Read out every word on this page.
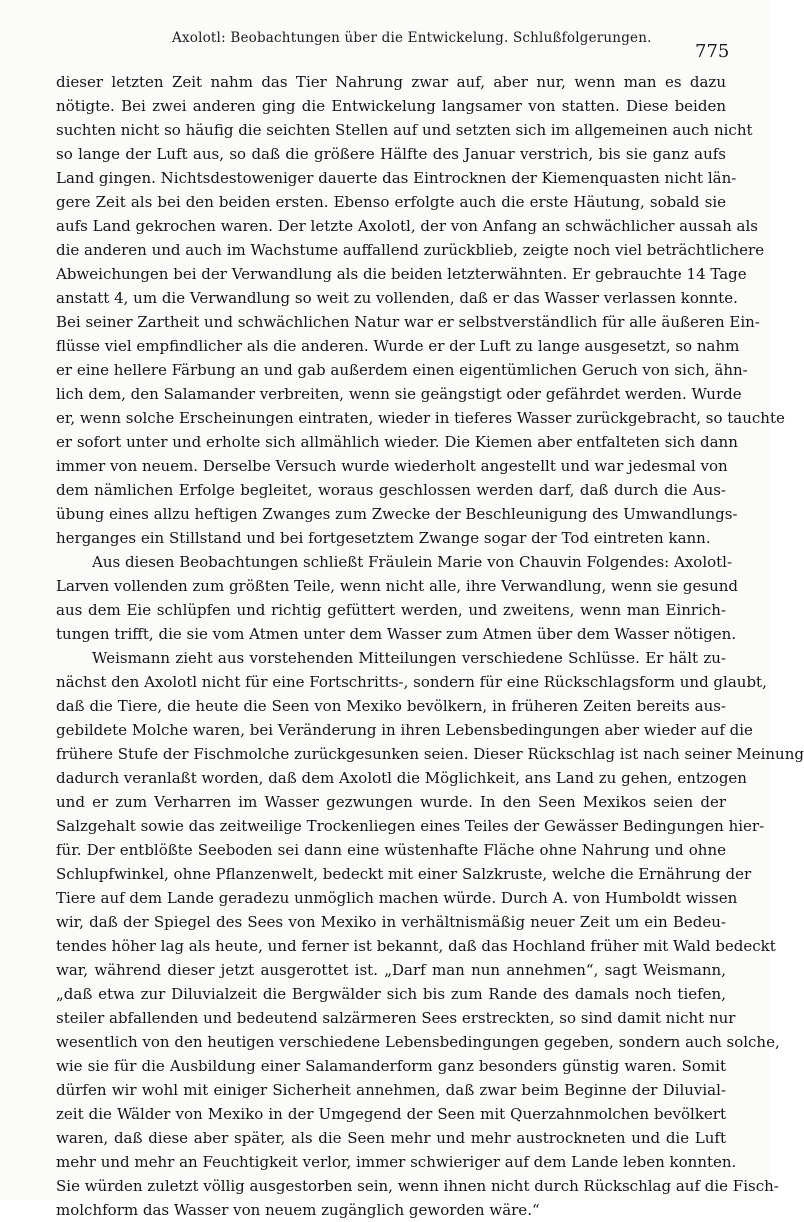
Axolotl: Beobachtungen über die Entwickelung. Schlußfolgerungen.
775
dieser letzten Zeit nahm das Tier Nahrung zwar auf, aber nur, wenn man es dazu
nötigte. Bei zwei anderen ging die Entwickelung langsamer von statten. Diese beiden
suchten nicht so häufig die seichten Stellen auf und setzten sich im allgemeinen auch nicht
so lange der Luft aus, so daß die größere Hälfte des Januar verstrich, bis sie ganz aufs
Land gingen. Nichtsdestoweniger dauerte das Eintrocknen der Kiemenquasten nicht län-
gere Zeit als bei den beiden ersten. Ebenso erfolgte auch die erste Häutung, sobald sie
aufs Land gekrochen waren. Der letzte Axolotl, der von Anfang an schwächlicher aussah als
die anderen und auch im Wachstume auffallend zurückblieb, zeigte noch viel beträchtlichere
Abweichungen bei der Verwandlung als die beiden letzterwähnten. Er gebrauchte 14 Tage
anstatt 4, um die Verwandlung so weit zu vollenden, daß er das Wasser verlassen konnte.
Bei seiner Zartheit und schwächlichen Natur war er selbstverständlich für alle äußeren Ein-
flüsse viel empfindlicher als die anderen. Wurde er der Luft zu lange ausgesetzt, so nahm
er eine hellere Färbung an und gab außerdem einen eigentümlichen Geruch von sich, ähn-
lich dem, den Salamander verbreiten, wenn sie geängstigt oder gefährdet werden. Wurde
er, wenn solche Erscheinungen eintraten, wieder in tieferes Wasser zurückgebracht, so tauchte
er sofort unter und erholte sich allmählich wieder. Die Kiemen aber entfalteten sich dann
immer von neuem. Derselbe Versuch wurde wiederholt angestellt und war jedesmal von
dem nämlichen Erfolge begleitet, woraus geschlossen werden darf, daß durch die Aus-
übung eines allzu heftigen Zwanges zum Zwecke der Beschleunigung des Umwandlungs-
herganges ein Stillstand und bei fortgesetztem Zwange sogar der Tod eintreten kann.
Aus diesen Beobachtungen schließt Fräulein Marie von Chauvin Folgendes: Axolotl-
Larven vollenden zum größten Teile, wenn nicht alle, ihre Verwandlung, wenn sie gesund
aus dem Eie schlüpfen und richtig gefüttert werden, und zweitens, wenn man Einrich-
tungen trifft, die sie vom Atmen unter dem Wasser zum Atmen über dem Wasser nötigen.
Weismann zieht aus vorstehenden Mitteilungen verschiedene Schlüsse. Er hält zu-
nächst den Axolotl nicht für eine Fortschritts-, sondern für eine Rückschlagsform und glaubt,
daß die Tiere, die heute die Seen von Mexiko bevölkern, in früheren Zeiten bereits aus-
gebildete Molche waren, bei Veränderung in ihren Lebensbedingungen aber wieder auf die
frühere Stufe der Fischmolche zurückgesunken seien. Dieser Rückschlag ist nach seiner Meinung
dadurch veranlaßt worden, daß dem Axolotl die Möglichkeit, ans Land zu gehen, entzogen
und er zum Verharren im Wasser gezwungen wurde. In den Seen Mexikos seien der
Salzgehalt sowie das zeitweilige Trockenliegen eines Teiles der Gewässer Bedingungen hier-
für. Der entblößte Seeboden sei dann eine wüstenhafte Fläche ohne Nahrung und ohne
Schlupfwinkel, ohne Pflanzenwelt, bedeckt mit einer Salzkruste, welche die Ernährung der
Tiere auf dem Lande geradezu unmöglich machen würde. Durch A. von Humboldt wissen
wir, daß der Spiegel des Sees von Mexiko in verhältnismäßig neuer Zeit um ein Bedeu-
tendes höher lag als heute, und ferner ist bekannt, daß das Hochland früher mit Wald bedeckt
war, während dieser jetzt ausgerottet ist. „Darf man nun annehmen“, sagt Weismann,
„daß etwa zur Diluvialzeit die Bergwälder sich bis zum Rande des damals noch tiefen,
steiler abfallenden und bedeutend salzärmeren Sees erstreckten, so sind damit nicht nur
wesentlich von den heutigen verschiedene Lebensbedingungen gegeben, sondern auch solche,
wie sie für die Ausbildung einer Salamanderform ganz besonders günstig waren. Somit
dürfen wir wohl mit einiger Sicherheit annehmen, daß zwar beim Beginne der Diluvial-
zeit die Wälder von Mexiko in der Umgegend der Seen mit Querzahnmolchen bevölkert
waren, daß diese aber später, als die Seen mehr und mehr austrockneten und die Luft
mehr und mehr an Feuchtigkeit verlor, immer schwieriger auf dem Lande leben konnten.
Sie würden zuletzt völlig ausgestorben sein, wenn ihnen nicht durch Rückschlag auf die Fisch-
molchform das Wasser von neuem zugänglich geworden wäre.“
